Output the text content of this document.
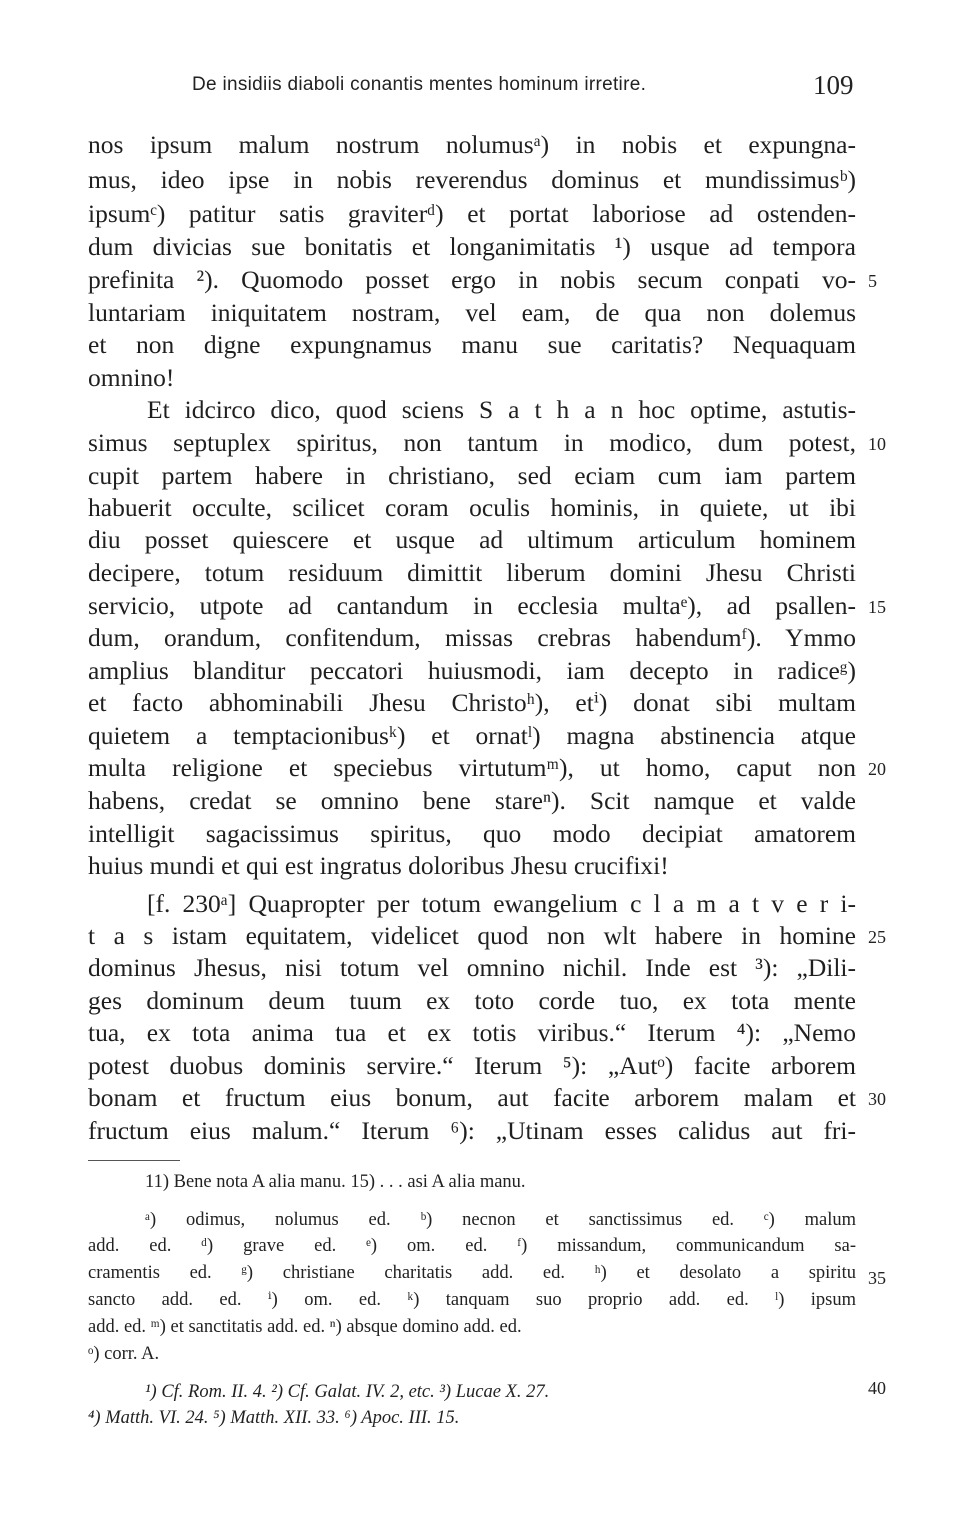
De insidiis diaboli conantis mentes hominum irretire.	109
nos ipsum malum nostrum nolumusᵃ) in nobis et expungna-
mus, ideo ipse in nobis reverendus dominus et mundissimusᵇ)
ipsumᶜ) patitur satis graviterᵈ) et portat laboriose ad ostenden-
dum divicias sue bonitatis et longanimitatis ¹) usque ad tempora
prefinita ²). Quomodo posset ergo in nobis secum conpati vo-
luntariam iniquitatem nostram, vel eam, de qua non dolemus
et non digne expungnamus manu sue caritatis? Nequaquam
omnino!
Et idcirco dico, quod sciens S a t h a n hoc optime, astutis-
simus septuplex spiritus, non tantum in modico, dum potest,
cupit partem habere in christiano, sed eciam cum iam partem
habuerit occulte, scilicet coram oculis hominis, in quiete, ut ibi
diu posset quiescere et usque ad ultimum articulum hominem
decipere, totum residuum dimittit liberum domini Jhesu Christi
servicio, utpote ad cantandum in ecclesia multaᵉ), ad psallen-
dum, orandum, confitendum, missas crebras habendumᶠ). Ymmo
amplius blanditur peccatori huiusmodi, iam decepto in radiceᵍ)
et facto abhominabili Jhesu Christoʰ), etⁱ) donat sibi multam
quietem a temptacionibusᵏ) et ornatˡ) magna abstinencia atque
multa religione et speciebus virtutumᵐ), ut homo, caput non
habens, credat se omnino bene stareⁿ). Scit namque et valde
intelligit sagacissimus spiritus, quo modo decipiat amatorem
huius mundi et qui est ingratus doloribus Jhesu crucifixi!
[f. 230ᵃ] Quapropter per totum ewangelium c l a m a t v e r i-
t a s istam equitatem, videlicet quod non wlt habere in homine
dominus Jhesus, nisi totum vel omnino nichil. Inde est ³): „Dili-
ges dominum deum tuum ex toto corde tuo, ex tota mente
tua, ex tota anima tua et ex totis viribus.“ Iterum ⁴): „Nemo
potest duobus dominis servire.“ Iterum ⁵): „Autᵒ) facite arborem
bonam et fructum eius bonum, aut facite arborem malam et
fructum eius malum.“ Iterum ⁶): „Utinam esses calidus aut fri-
5
10
15
20
25
30
35
40
11) Bene nota A alia manu. 15) . . . asi A alia manu.
ᵃ) odimus, nolumus ed. ᵇ) necnon et sanctissimus ed. ᶜ) malum
add. ed. ᵈ) grave ed. ᵉ) om. ed. ᶠ) missandum, communicandum sa-
cramentis ed. ᵍ) christiane charitatis add. ed. ʰ) et desolato a spiritu
sancto add. ed. ⁱ) om. ed. ᵏ) tanquam suo proprio add. ed. ˡ) ipsum
add. ed. ᵐ) et sanctitatis add. ed. ⁿ) absque domino add. ed.
ᵒ) corr. A.
¹) Cf. Rom. II. 4. ²) Cf. Galat. IV. 2, etc. ³) Lucae X. 27.
⁴) Matth. VI. 24. ⁵) Matth. XII. 33. ⁶) Apoc. III. 15.
